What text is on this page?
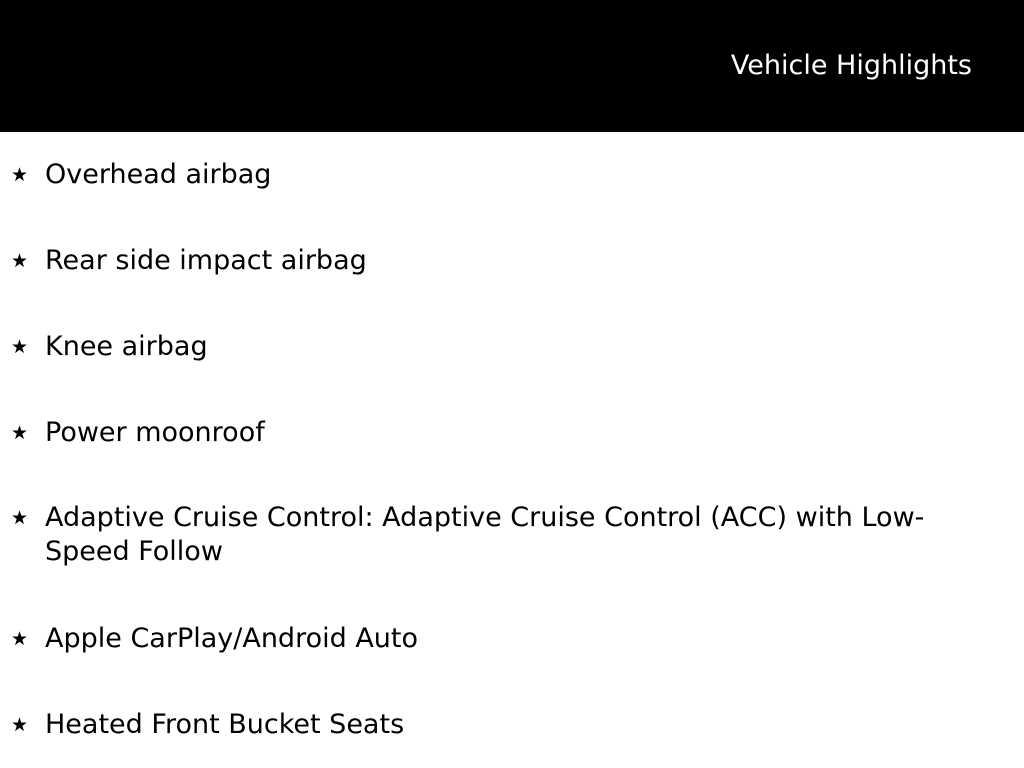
Vehicle Highlights
★ Overhead airbag
★ Rear side impact airbag
★ Knee airbag
★ Power moonroof
★ Adaptive Cruise Control: Adaptive Cruise Control (ACC) with Low-Speed Follow
★ Apple CarPlay/Android Auto
★ Heated Front Bucket Seats
